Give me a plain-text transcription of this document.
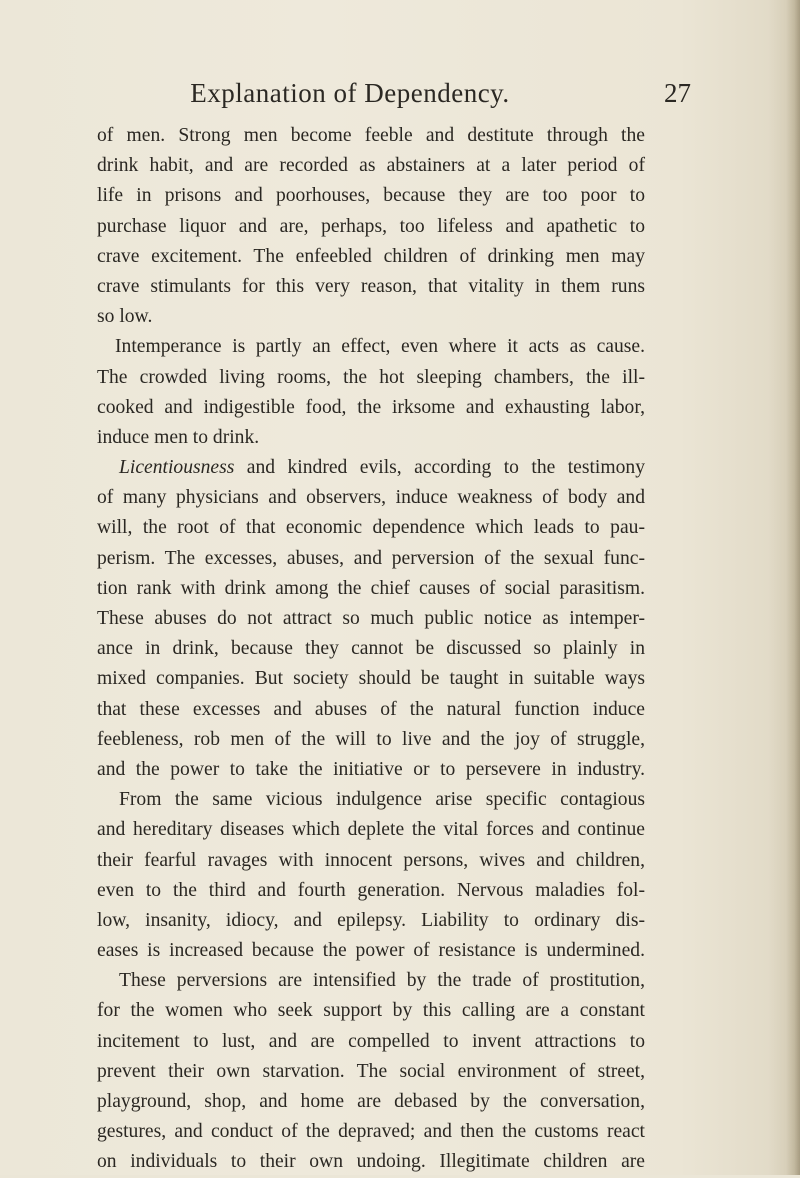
Explanation of Dependency.	27
of men. Strong men become feeble and destitute through the
drink habit, and are recorded as abstainers at a later period of
life in prisons and poorhouses, because they are too poor to
purchase liquor and are, perhaps, too lifeless and apathetic to
crave excitement. The enfeebled children of drinking men may
crave stimulants for this very reason, that vitality in them runs
so low.
Intemperance is partly an effect, even where it acts as cause.
The crowded living rooms, the hot sleeping chambers, the ill-
cooked and indigestible food, the irksome and exhausting labor,
induce men to drink.
Licentiousness and kindred evils, according to the testimony
of many physicians and observers, induce weakness of body and
will, the root of that economic dependence which leads to pau-
perism. The excesses, abuses, and perversion of the sexual func-
tion rank with drink among the chief causes of social parasitism.
These abuses do not attract so much public notice as intemper-
ance in drink, because they cannot be discussed so plainly in
mixed companies. But society should be taught in suitable ways
that these excesses and abuses of the natural function induce
feebleness, rob men of the will to live and the joy of struggle,
and the power to take the initiative or to persevere in industry.
From the same vicious indulgence arise specific contagious
and hereditary diseases which deplete the vital forces and continue
their fearful ravages with innocent persons, wives and children,
even to the third and fourth generation. Nervous maladies fol-
low, insanity, idiocy, and epilepsy. Liability to ordinary dis-
eases is increased because the power of resistance is undermined.
These perversions are intensified by the trade of prostitution,
for the women who seek support by this calling are a constant
incitement to lust, and are compelled to invent attractions to
prevent their own starvation. The social environment of street,
playground, shop, and home are debased by the conversation,
gestures, and conduct of the depraved; and then the customs react
on individuals to their own undoing. Illegitimate children are
